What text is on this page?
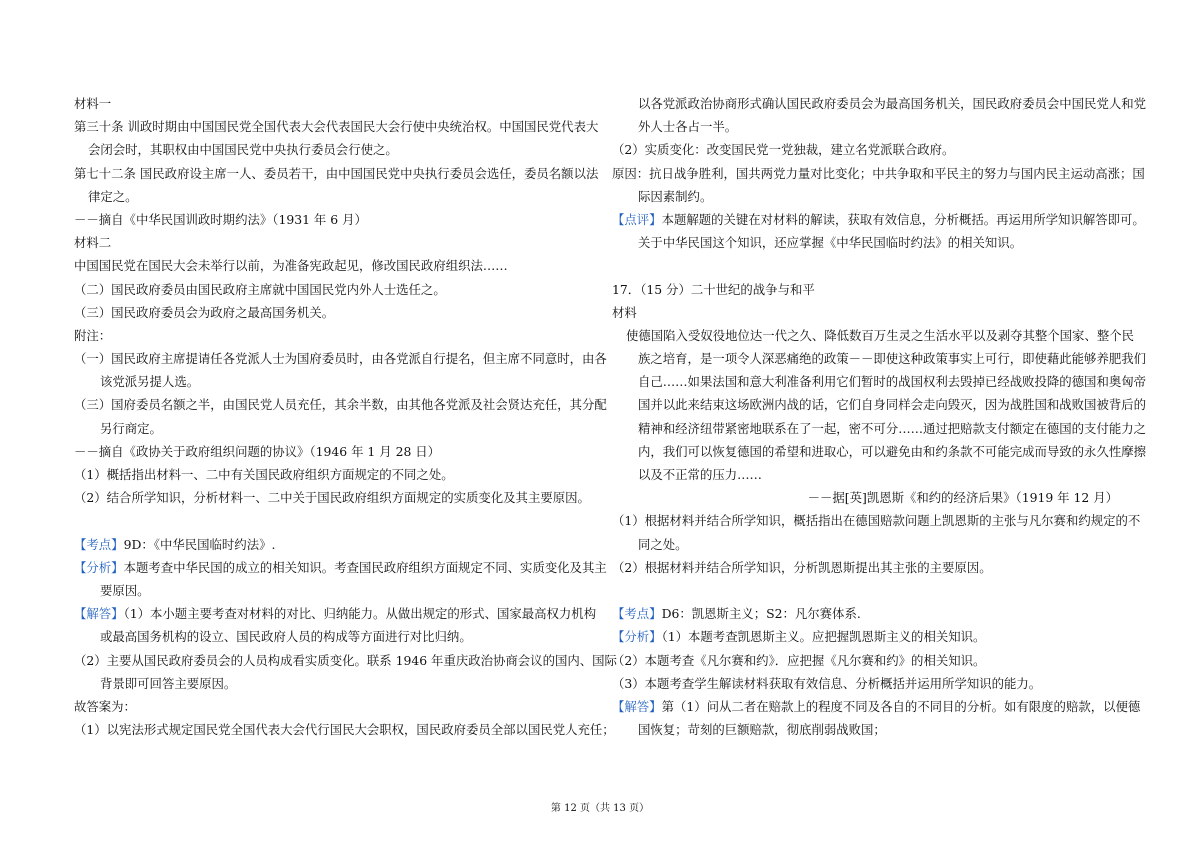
材料一
第三十条 训政时期由中国国民党全国代表大会代表国民大会行使中央统治权。中国国民党代表大
会闭会时，其职权由中国国民党中央执行委员会行使之。
第七十二条 国民政府设主席一人、委员若干，由中国国民党中央执行委员会选任，委员名额以法
律定之。
－－摘自《中华民国训政时期约法》（1931 年 6 月）
材料二
中国国民党在国民大会未举行以前，为准备宪政起见，修改国民政府组织法……
（二）国民政府委员由国民政府主席就中国国民党内外人士选任之。
（三）国民政府委员会为政府之最高国务机关。
附注：
（一）国民政府主席提请任各党派人士为国府委员时，由各党派自行提名，但主席不同意时，由各
该党派另提人选。
（三）国府委员名额之半，由国民党人员充任，其余半数，由其他各党派及社会贤达充任，其分配
另行商定。
－－摘自《政协关于政府组织问题的协议》（1946 年 1 月 28 日）
（1）概括指出材料一、二中有关国民政府组织方面规定的不同之处。
（2）结合所学知识，分析材料一、二中关于国民政府组织方面规定的实质变化及其主要原因。
【考点】9D：《中华民国临时约法》.
【分析】本题考查中华民国的成立的相关知识。考查国民政府组织方面规定不同、实质变化及其主
要原因。
【解答】（1）本小题主要考查对材料的对比、归纳能力。从做出规定的形式、国家最高权力机构
或最高国务机构的设立、国民政府人员的构成等方面进行对比归纳。
（2）主要从国民政府委员会的人员构成看实质变化。联系 1946 年重庆政治协商会议的国内、国际
背景即可回答主要原因。
故答案为：
（1）以宪法形式规定国民党全国代表大会代行国民大会职权，国民政府委员全部以国民党人充任；
以各党派政治协商形式确认国民政府委员会为最高国务机关，国民政府委员会中国民党人和党
外人士各占一半。
（2）实质变化：改变国民党一党独裁，建立名党派联合政府。
原因：抗日战争胜利，国共两党力量对比变化；中共争取和平民主的努力与国内民主运动高涨；国
际因素制约。
【点评】本题解题的关键在对材料的解读，获取有效信息，分析概括。再运用所学知识解答即可。
关于中华民国这个知识，还应掌握《中华民国临时约法》的相关知识。
17．（15 分）二十世纪的战争与和平
材料
使德国陷入受奴役地位达一代之久、降低数百万生灵之生活水平以及剥夺其整个国家、整个民
族之培育，是一项令人深恶痛绝的政策－－即使这种政策事实上可行，即使藉此能够养肥我们
自己……如果法国和意大利准备利用它们暂时的战国权利去毁掉已经战败投降的德国和奥匈帝
国并以此来结束这场欧洲内战的话，它们自身同样会走向毁灭，因为战胜国和战败国被背后的
精神和经济纽带紧密地联系在了一起，密不可分……通过把赔款支付额定在德国的支付能力之
内，我们可以恢复德国的希望和进取心，可以避免由和约条款不可能完成而导致的永久性摩擦
以及不正常的压力……
－－据[英]凯恩斯《和约的经济后果》（1919 年 12 月）
（1）根据材料并结合所学知识，概括指出在德国赔款问题上凯恩斯的主张与凡尔赛和约规定的不
同之处。
（2）根据材料并结合所学知识，分析凯恩斯提出其主张的主要原因。
【考点】D6：凯恩斯主义；S2：凡尔赛体系.
【分析】（1）本题考查凯恩斯主义。应把握凯恩斯主义的相关知识。
（2）本题考查《凡尔赛和约》．应把握《凡尔赛和约》的相关知识。
（3）本题考查学生解读材料获取有效信息、分析概括并运用所学知识的能力。
【解答】第（1）问从二者在赔款上的程度不同及各自的不同目的分析。如有限度的赔款，以便德
国恢复；苛刻的巨额赔款，彻底削弱战败国；
第 12 页（共 13 页）
